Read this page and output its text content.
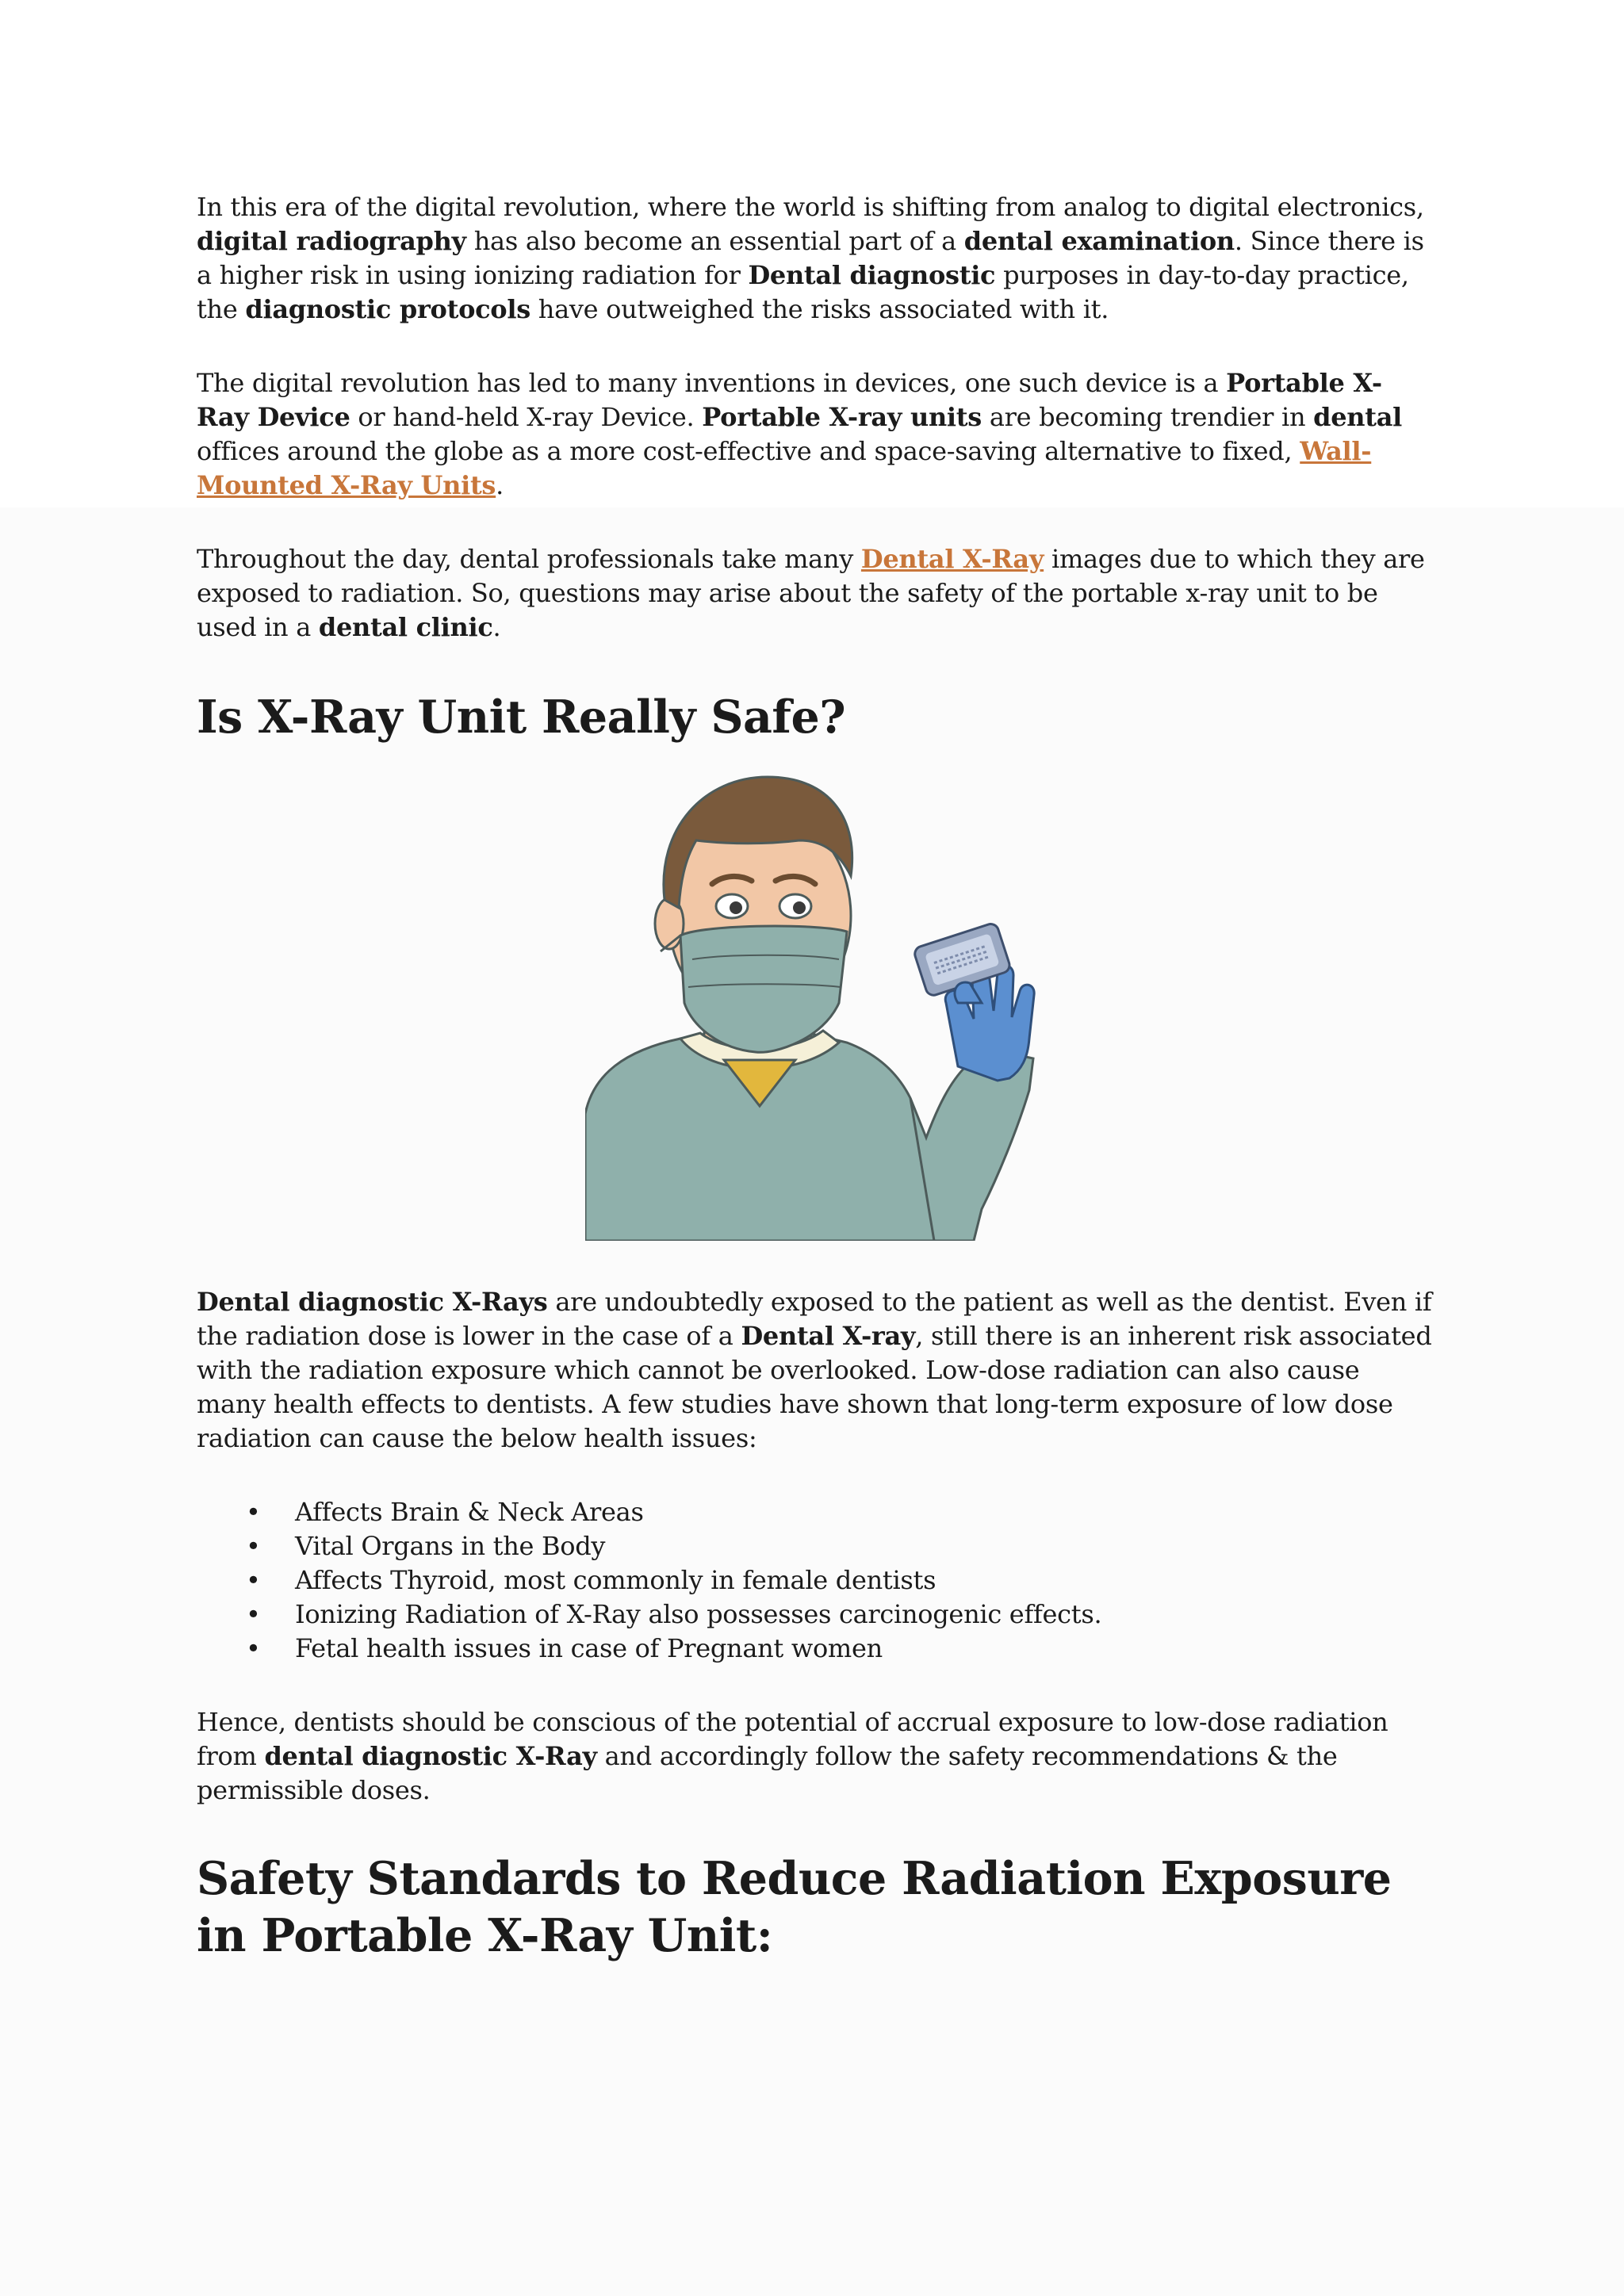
In this era of the digital revolution, where the world is shifting from analog to digital electronics, digital radiography has also become an essential part of a dental examination. Since there is a higher risk in using ionizing radiation for Dental diagnostic purposes in day-to-day practice, the diagnostic protocols have outweighed the risks associated with it.

The digital revolution has led to many inventions in devices, one such device is a Portable X-Ray Device or hand-held X-ray Device. Portable X-ray units are becoming trendier in dental offices around the globe as a more cost-effective and space-saving alternative to fixed, Wall-Mounted X-Ray Units.

Throughout the day, dental professionals take many Dental X-Ray images due to which they are exposed to radiation. So, questions may arise about the safety of the portable x-ray unit to be used in a dental clinic.

Is X-Ray Unit Really Safe?

Dental diagnostic X-Rays are undoubtedly exposed to the patient as well as the dentist. Even if the radiation dose is lower in the case of a Dental X-ray, still there is an inherent risk associated with the radiation exposure which cannot be overlooked. Low-dose radiation can also cause many health effects to dentists. A few studies have shown that long-term exposure of low dose radiation can cause the below health issues:

• Affects Brain & Neck Areas
• Vital Organs in the Body
• Affects Thyroid, most commonly in female dentists
• Ionizing Radiation of X-Ray also possesses carcinogenic effects.
• Fetal health issues in case of Pregnant women

Hence, dentists should be conscious of the potential of accrual exposure to low-dose radiation from dental diagnostic X-Ray and accordingly follow the safety recommendations & the permissible doses.

Safety Standards to Reduce Radiation Exposure in Portable X-Ray Unit:
